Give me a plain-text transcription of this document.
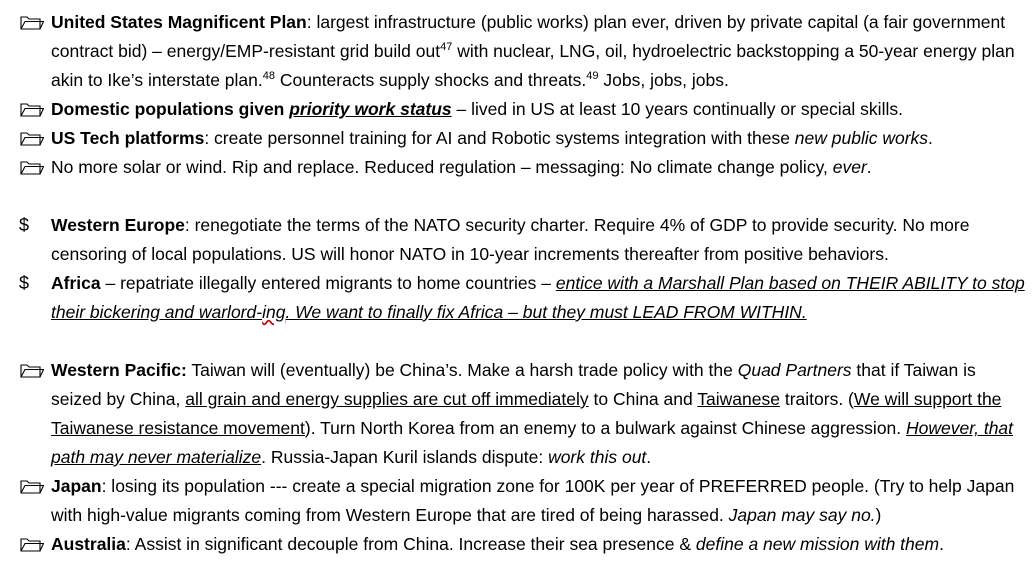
United States Magnificent Plan: largest infrastructure (public works) plan ever, driven by private capital (a fair government contract bid) – energy/EMP-resistant grid build out$^{47}$ with nuclear, LNG, oil, hydroelectric backstopping a 50-year energy plan akin to Ike’s interstate plan.$^{48}$ Counteracts supply shocks and threats.$^{49}$ Jobs, jobs, jobs.
Domestic populations given priority work status – lived in US at least 10 years continually or special skills.
US Tech platforms: create personnel training for AI and Robotic systems integration with these new public works.
No more solar or wind. Rip and replace. Reduced regulation – messaging: No climate change policy, ever.
$ Western Europe: renegotiate the terms of the NATO security charter. Require 4% of GDP to provide security. No more censoring of local populations. US will honor NATO in 10-year increments thereafter from positive behaviors.
$ Africa – repatriate illegally entered migrants to home countries – entice with a Marshall Plan based on THEIR ABILITY to stop their bickering and warlord-ing. We want to finally fix Africa – but they must LEAD FROM WITHIN.
Western Pacific: Taiwan will (eventually) be China’s. Make a harsh trade policy with the Quad Partners that if Taiwan is seized by China, all grain and energy supplies are cut off immediately to China and Taiwanese traitors. (We will support the Taiwanese resistance movement). Turn North Korea from an enemy to a bulwark against Chinese aggression. However, that path may never materialize. Russia-Japan Kuril islands dispute: work this out.
Japan: losing its population --- create a special migration zone for 100K per year of PREFERRED people. (Try to help Japan with high-value migrants coming from Western Europe that are tired of being harassed. Japan may say no.)
Australia: Assist in significant decouple from China. Increase their sea presence & define a new mission with them.
